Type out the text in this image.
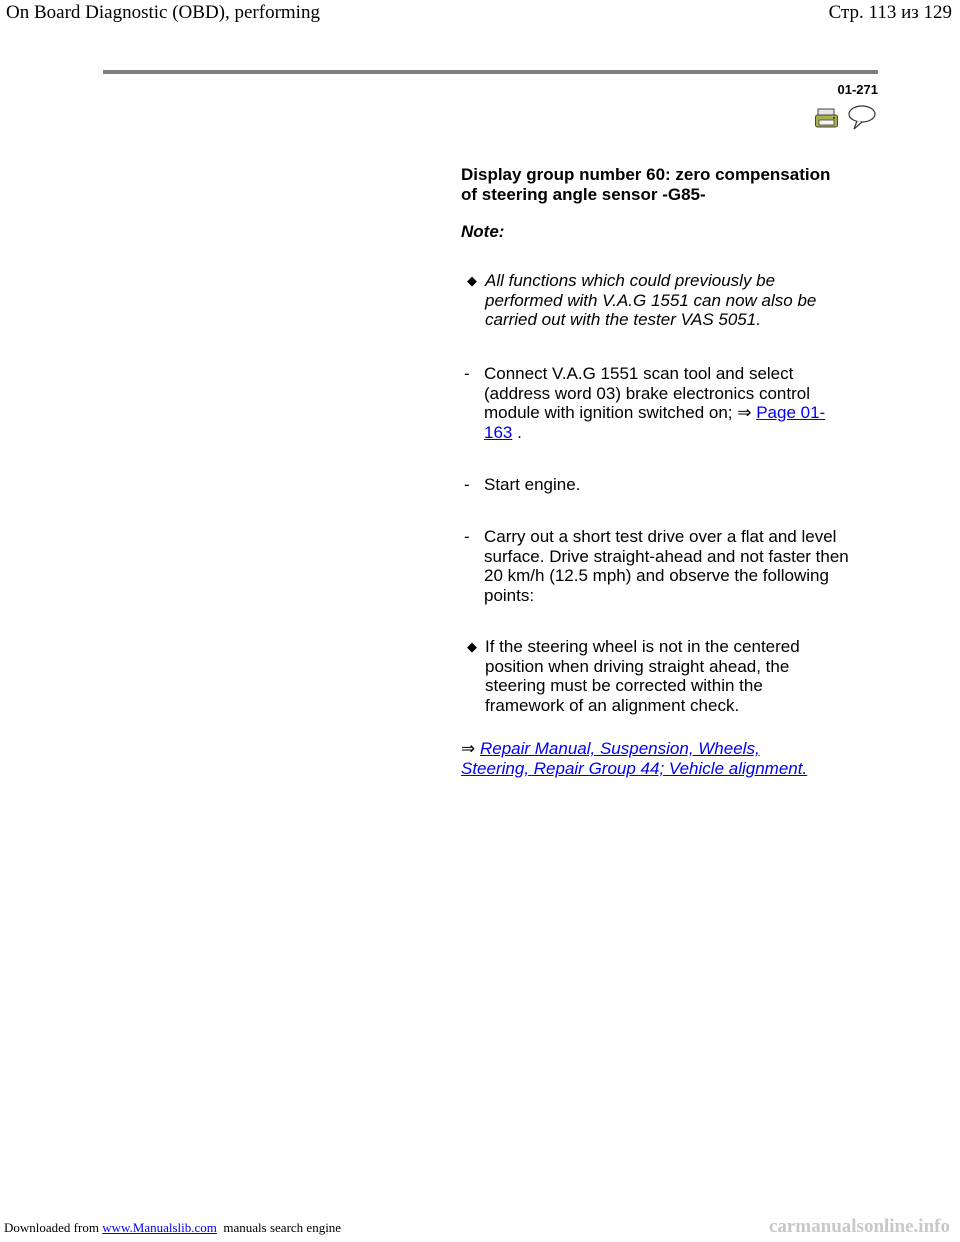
On Board Diagnostic (OBD), performing	Стр. 113 из 129
01-271
Display group number 60: zero compensation
of steering angle sensor -G85-
Note:
◆ All functions which could previously be
performed with V.A.G 1551 can now also be
carried out with the tester VAS 5051.
- Connect V.A.G 1551 scan tool and select
(address word 03) brake electronics control
module with ignition switched on; ⇒ Page 01-
163 .
- Start engine.
- Carry out a short test drive over a flat and level
surface. Drive straight-ahead and not faster then
20 km/h (12.5 mph) and observe the following
points:
◆ If the steering wheel is not in the centered
position when driving straight ahead, the
steering must be corrected within the
framework of an alignment check.
⇒ Repair Manual, Suspension, Wheels,
Steering, Repair Group 44; Vehicle alignment.
Downloaded from www.Manualslib.com  manuals search engine	carmanualsonline.info
